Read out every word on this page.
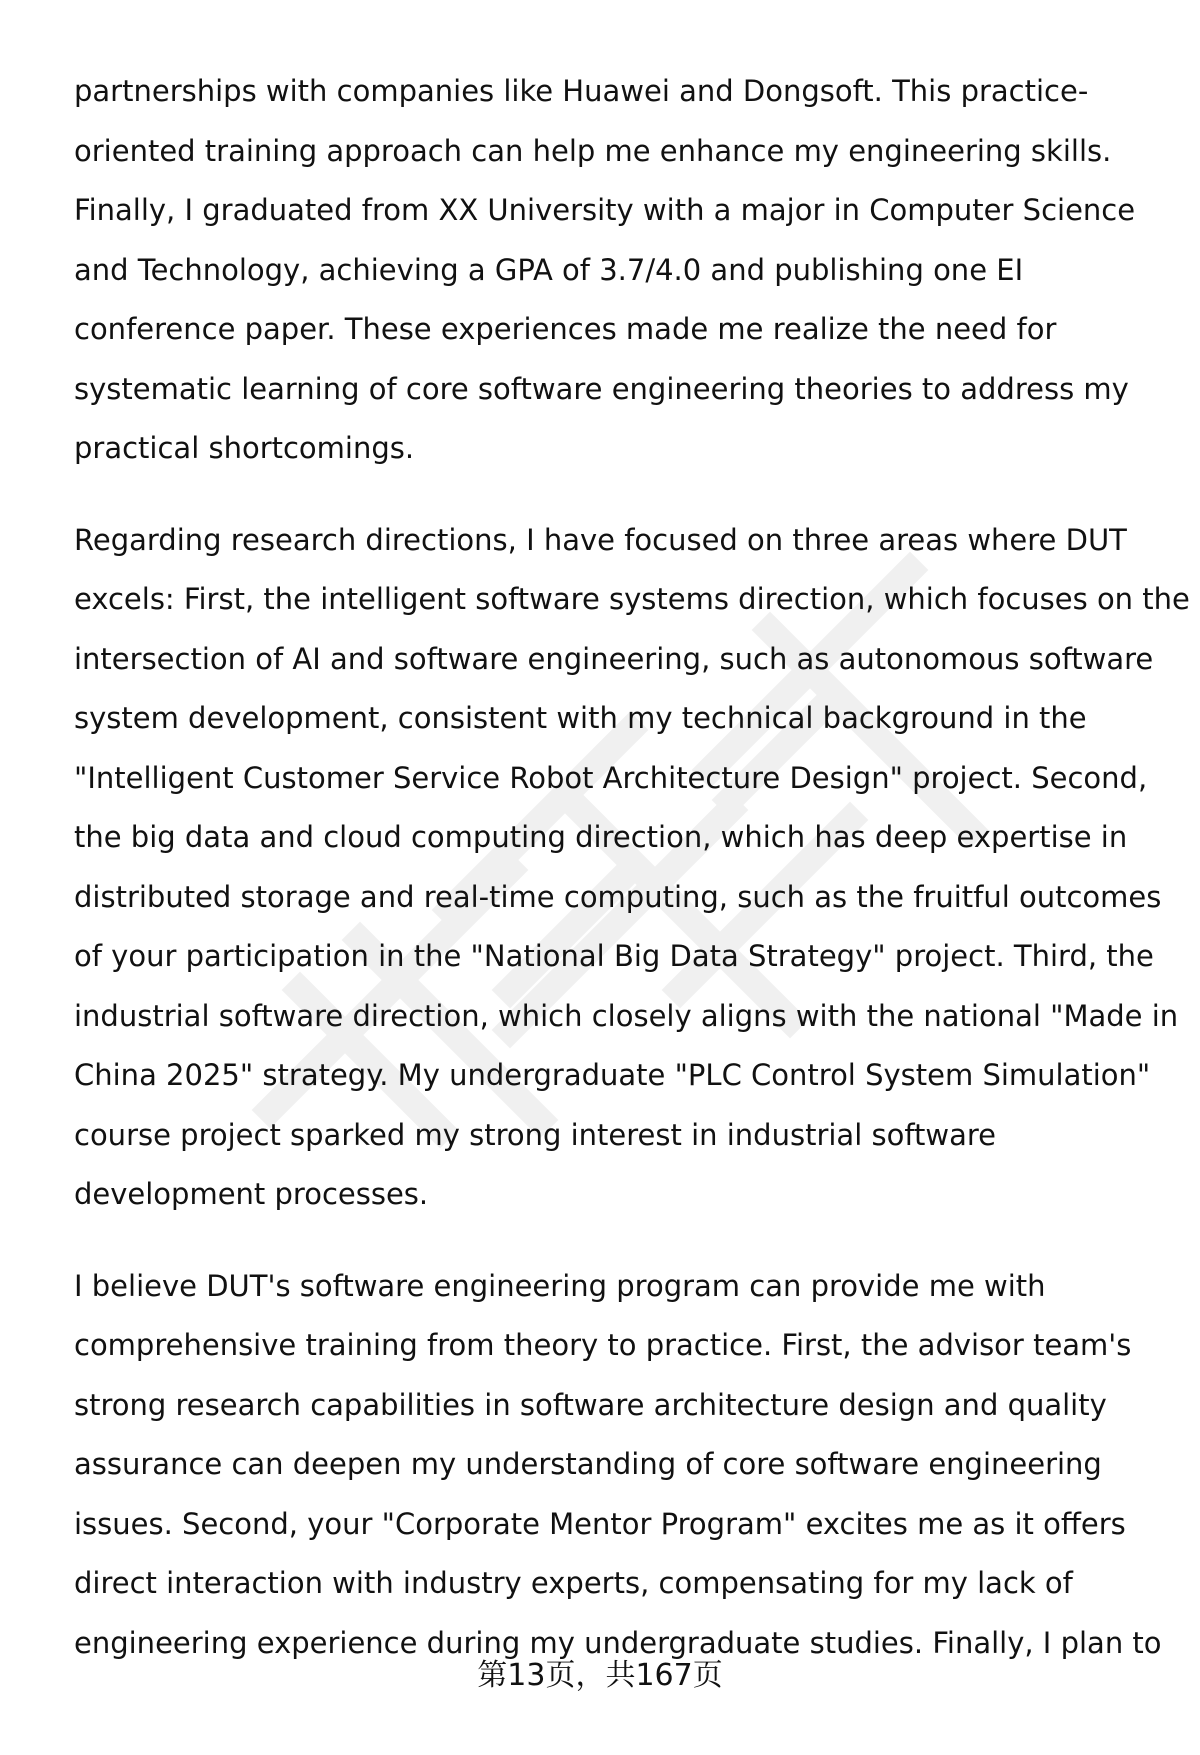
partnerships with companies like Huawei and Dongsoft. This practice-
oriented training approach can help me enhance my engineering skills.
Finally, I graduated from XX University with a major in Computer Science
and Technology, achieving a GPA of 3.7/4.0 and publishing one EI
conference paper. These experiences made me realize the need for
systematic learning of core software engineering theories to address my
practical shortcomings.

Regarding research directions, I have focused on three areas where DUT
excels: First, the intelligent software systems direction, which focuses on the
intersection of AI and software engineering, such as autonomous software
system development, consistent with my technical background in the
"Intelligent Customer Service Robot Architecture Design" project. Second,
the big data and cloud computing direction, which has deep expertise in
distributed storage and real-time computing, such as the fruitful outcomes
of your participation in the "National Big Data Strategy" project. Third, the
industrial software direction, which closely aligns with the national "Made in
China 2025" strategy. My undergraduate "PLC Control System Simulation"
course project sparked my strong interest in industrial software
development processes.

I believe DUT's software engineering program can provide me with
comprehensive training from theory to practice. First, the advisor team's
strong research capabilities in software architecture design and quality
assurance can deepen my understanding of core software engineering
issues. Second, your "Corporate Mentor Program" excites me as it offers
direct interaction with industry experts, compensating for my lack of
engineering experience during my undergraduate studies. Finally, I plan to

第13页，共167页
